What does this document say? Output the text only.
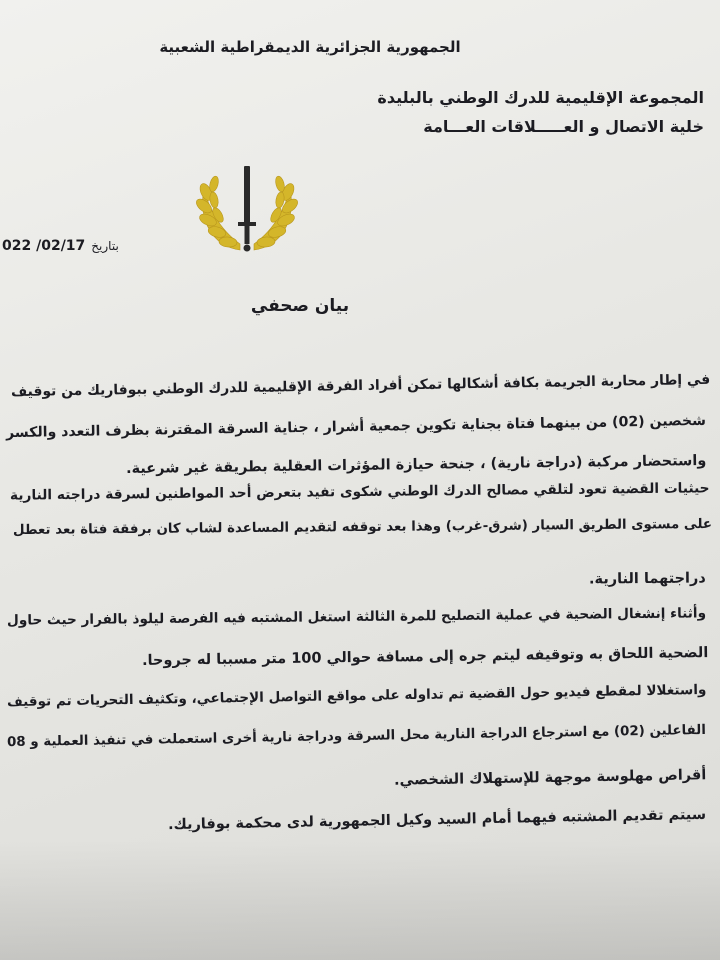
الجمهورية الجزائرية الديمقراطية الشعبية
المجموعة الإقليمية للدرك الوطني بالبليدة
خلية الاتصال و العـــــلاقات العـــامة
022 /02/17 بتاريخ
بيان صحفي
في إطار محاربة الجريمة بكافة أشكالها تمكن أفراد الفرقة الإقليمية للدرك الوطني ببوفاريك من توقيف
شخصين (02) من بينهما فتاة بجناية تكوين جمعية أشرار ، جناية السرقة المقترنة بظرف التعدد والكسر
واستحضار مركبة (دراجة نارية) ، جنحة حيازة المؤثرات العقلية بطريقة غير شرعية.
حيثيات القضية تعود لتلقي مصالح الدرك الوطني شكوى تفيد بتعرض أحد المواطنين لسرقة دراجته النارية
على مستوى الطريق السيار (شرق-غرب) وهذا بعد توقفه لتقديم المساعدة لشاب كان برفقة فتاة بعد تعطل
دراجتهما النارية.
وأثناء إنشغال الضحية في عملية التصليح للمرة الثالثة استغل المشتبه فيه الفرصة ليلوذ بالفرار حيث حاول
الضحية اللحاق به وتوقيفه ليتم جره إلى مسافة حوالي 100 متر مسببا له جروحا.
واستغلالا لمقطع فيديو حول القضية تم تداوله على مواقع التواصل الإجتماعي، وتكثيف التحريات تم توقيف
الفاعلين (02) مع استرجاع الدراجة النارية محل السرقة ودراجة نارية أخرى استعملت في تنفيذ العملية و 08
أقراص مهلوسة موجهة للإستهلاك الشخصي.
سيتم تقديم المشتبه فيهما أمام السيد وكيل الجمهورية لدى محكمة بوفاريك.
